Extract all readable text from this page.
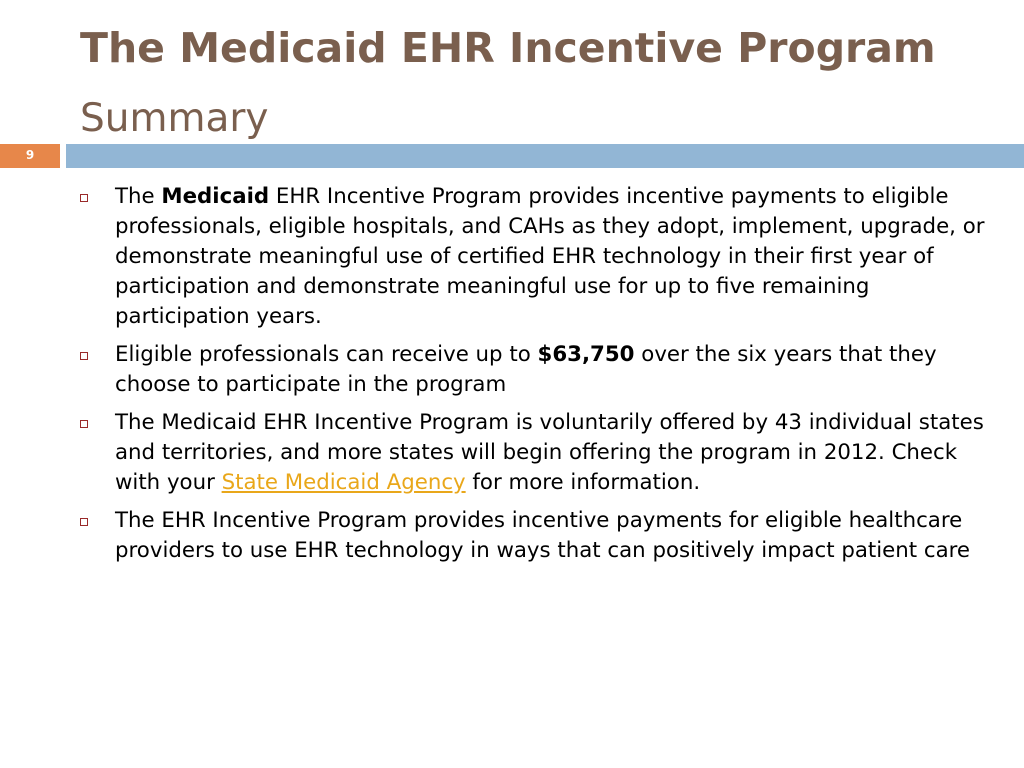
The Medicaid EHR Incentive Program
Summary
9

The Medicaid EHR Incentive Program provides incentive payments to eligible professionals, eligible hospitals, and CAHs as they adopt, implement, upgrade, or demonstrate meaningful use of certified EHR technology in their first year of participation and demonstrate meaningful use for up to five remaining participation years.

Eligible professionals can receive up to $63,750 over the six years that they choose to participate in the program

The Medicaid EHR Incentive Program is voluntarily offered by 43 individual states and territories, and more states will begin offering the program in 2012. Check with your State Medicaid Agency for more information.

The EHR Incentive Program provides incentive payments for eligible healthcare providers to use EHR technology in ways that can positively impact patient care
